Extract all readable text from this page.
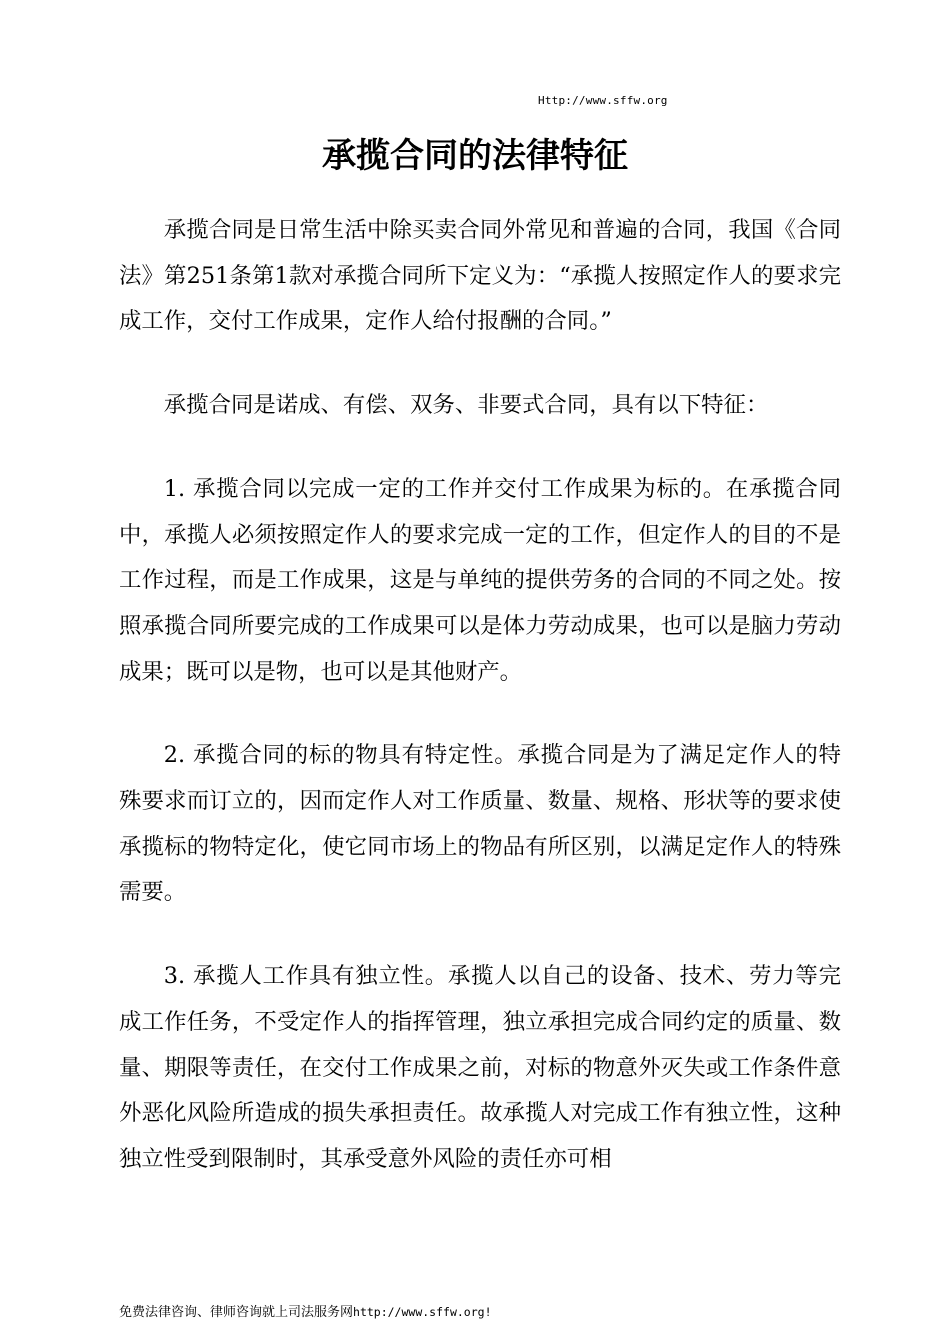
Http://www.sffw.org
承揽合同的法律特征

承揽合同是日常生活中除买卖合同外常见和普遍的合同，我国《合同法》第251条第1款对承揽合同所下定义为：“承揽人按照定作人的要求完成工作，交付工作成果，定作人给付报酬的合同。”

承揽合同是诺成、有偿、双务、非要式合同，具有以下特征：

1. 承揽合同以完成一定的工作并交付工作成果为标的。在承揽合同中，承揽人必须按照定作人的要求完成一定的工作，但定作人的目的不是工作过程，而是工作成果，这是与单纯的提供劳务的合同的不同之处。按照承揽合同所要完成的工作成果可以是体力劳动成果，也可以是脑力劳动成果；既可以是物，也可以是其他财产。

2. 承揽合同的标的物具有特定性。承揽合同是为了满足定作人的特殊要求而订立的，因而定作人对工作质量、数量、规格、形状等的要求使承揽标的物特定化，使它同市场上的物品有所区别，以满足定作人的特殊需要。

3. 承揽人工作具有独立性。承揽人以自己的设备、技术、劳力等完成工作任务，不受定作人的指挥管理，独立承担完成合同约定的质量、数量、期限等责任，在交付工作成果之前，对标的物意外灭失或工作条件意外恶化风险所造成的损失承担责任。故承揽人对完成工作有独立性，这种独立性受到限制时，其承受意外风险的责任亦可相

免费法律咨询、律师咨询就上司法服务网http://www.sffw.org!
